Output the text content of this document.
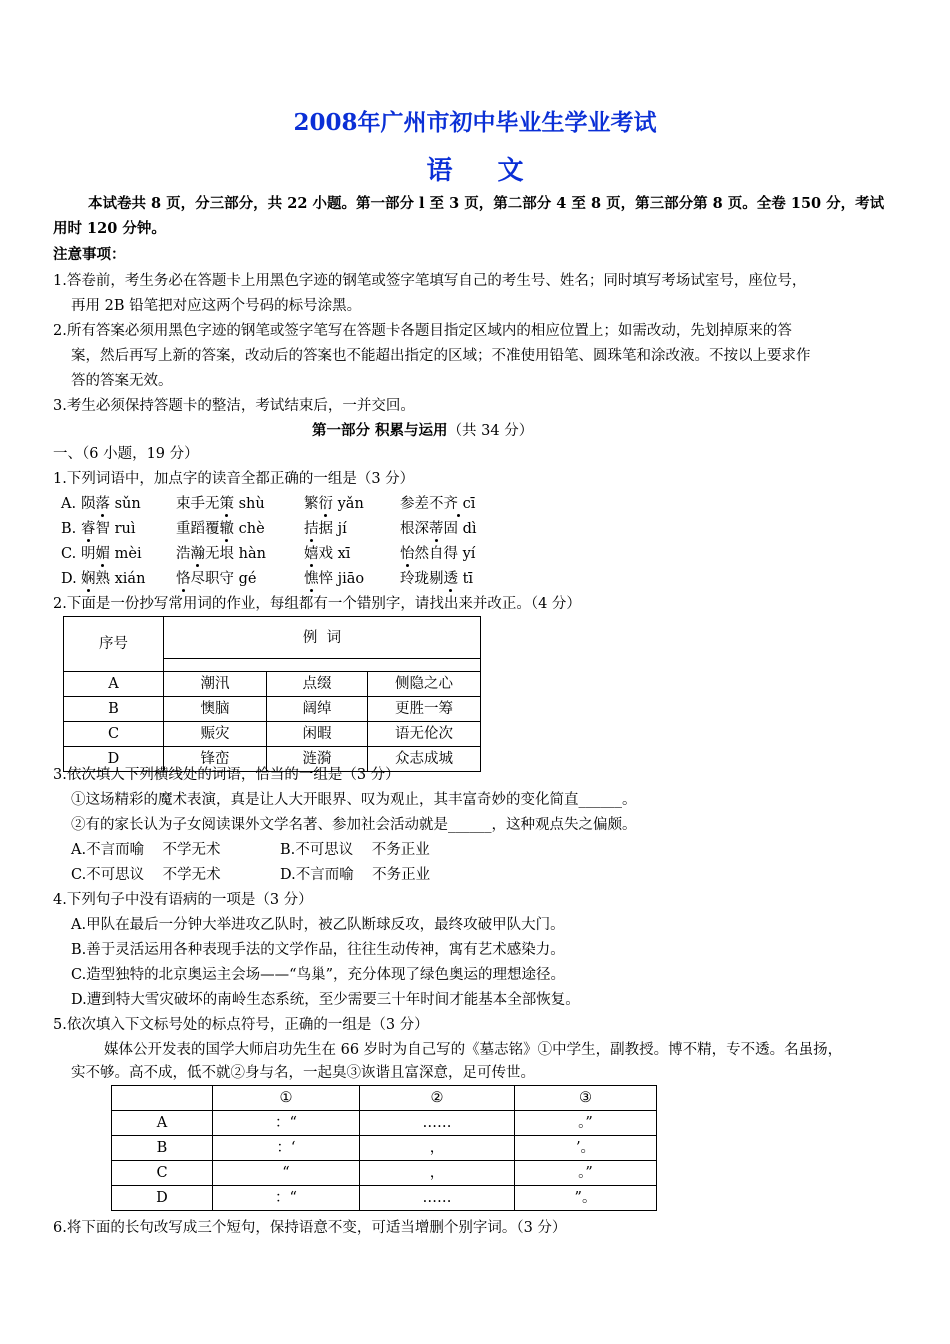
2008年广州市初中毕业生学业考试
语 文
本试卷共 8 页，分三部分，共 22 小题。第一部分 l 至 3 页，第二部分 4 至 8 页，第三部分第 8 页。全卷 150 分，考试
用时 120 分钟。
注意事项：
1.答卷前，考生务必在答题卡上用黑色字迹的钢笔或签字笔填写自己的考生号、姓名；同时填写考场试室号，座位号，
再用 2B 铅笔把对应这两个号码的标号涂黑。
2.所有答案必须用黑色字迹的钢笔或签字笔写在答题卡各题目指定区域内的相应位置上；如需改动，先划掉原来的答
案，然后再写上新的答案，改动后的答案也不能超出指定的区域；不准使用铅笔、圆珠笔和涂改液。不按以上要求作
答的答案无效。
3.考生必须保持答题卡的整洁，考试结束后，一并交回。
第一部分 积累与运用（共 34 分）
一、（6 小题，19 分）
1.下列词语中，加点字的读音全都正确的一组是（3 分）
A. 陨落 sǔn 束手无策 shù	繁衍 yǎn 参差不齐 cī
B. 睿智 ruì	重蹈覆辙 chè	拮据 jí	根深蒂固 dì
C. 明媚 mèi 浩瀚无垠 hàn	嬉戏 xī	怡然自得 yí
D. 娴熟 xián 恪尽职守 gé	憔悴 jiāo 玲珑剔透 tī
2.下面是一份抄写常用词的作业，每组都有一个错别字，请找出来并改正。（4 分）
序号	例  词		

A	潮汛	点缀	侧隐之心
B	懊脑	阔绰	更胜一筹
C	赈灾	闲暇	语无伦次
D	锋峦	涟漪	众志成城
3.依次填人下列横线处的词语，恰当的一组是（3 分）
①这场精彩的魔术表演，真是让人大开眼界、叹为观止，其丰富奇妙的变化简直______。
②有的家长认为子女阅读课外文学名著、参加社会活动就是______，这种观点失之偏颇。
A.不言而喻    不学无术	B.不可思议    不务正业
C.不可思议    不学无术	D.不言而喻    不务正业
4.下列句子中没有语病的一项是（3 分）
A.甲队在最后一分钟大举进攻乙队时，被乙队断球反攻，最终攻破甲队大门。
B.善于灵活运用各种表现手法的文学作品，往往生动传神，寓有艺术感染力。
C.造型独特的北京奥运主会场——“鸟巢”，充分体现了绿色奥运的理想途径。
D.遭到特大雪灾破坏的南岭生态系统，至少需要三十年时间才能基本全部恢复。
5.依次填入下文标号处的标点符号，正确的一组是（3 分）
媒体公开发表的国学大师启功先生在 66 岁时为自己写的《墓志铭》①中学生，副教授。博不精，专不透。名虽扬，
实不够。高不成，低不就②身与名，一起臭③诙谐且富深意，足可传世。
	①	②	③
A	：“	……	。”
B	：‘	，	’。
C	“	，	。”
D	：“	……	”。
6.将下面的长句改写成三个短句，保持语意不变，可适当增删个别字词。（3 分）
